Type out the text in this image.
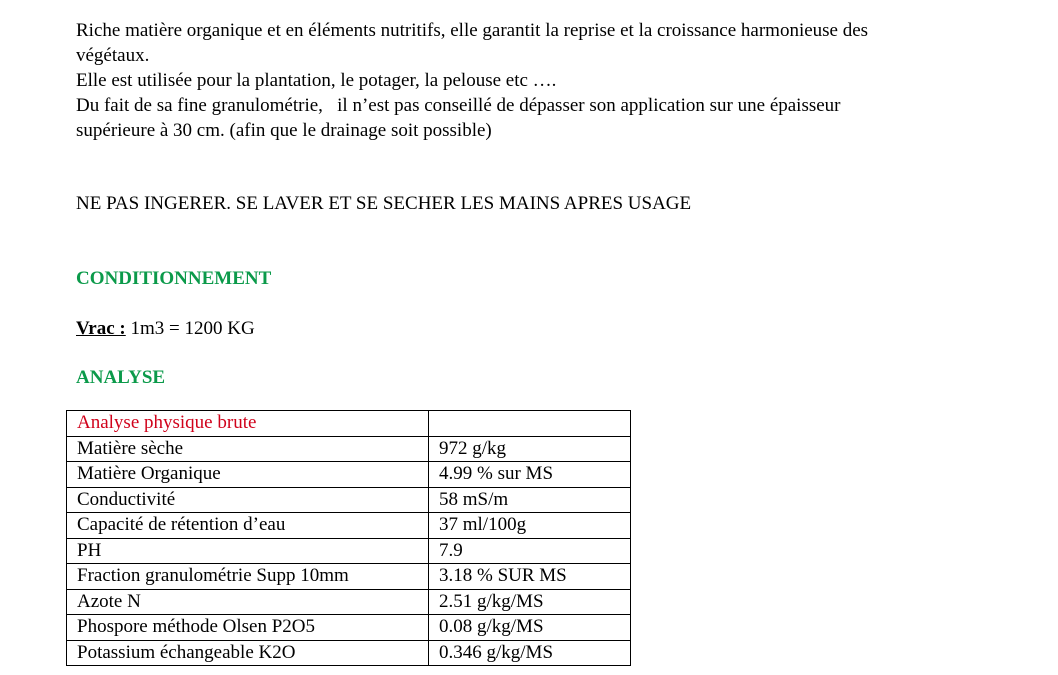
Riche matière organique et en éléments nutritifs, elle garantit la reprise et la croissance harmonieuse des
végétaux.
Elle est utilisée pour la plantation, le potager, la pelouse etc ….
Du fait de sa fine granulométrie,   il n’est pas conseillé de dépasser son application sur une épaisseur
supérieure à 30 cm. (afin que le drainage soit possible)
NE PAS INGERER. SE LAVER ET SE SECHER LES MAINS APRES USAGE
CONDITIONNEMENT
Vrac : 1m3 = 1200 KG
ANALYSE
Analyse physique brute	
Matière sèche	972 g/kg
Matière Organique	4.99 % sur MS
Conductivité	58 mS/m
Capacité de rétention d’eau	37 ml/100g
PH	7.9
Fraction granulométrie Supp 10mm	3.18 % SUR MS
Azote N	2.51 g/kg/MS
Phospore méthode Olsen P2O5	0.08 g/kg/MS
Potassium échangeable K2O	0.346 g/kg/MS
